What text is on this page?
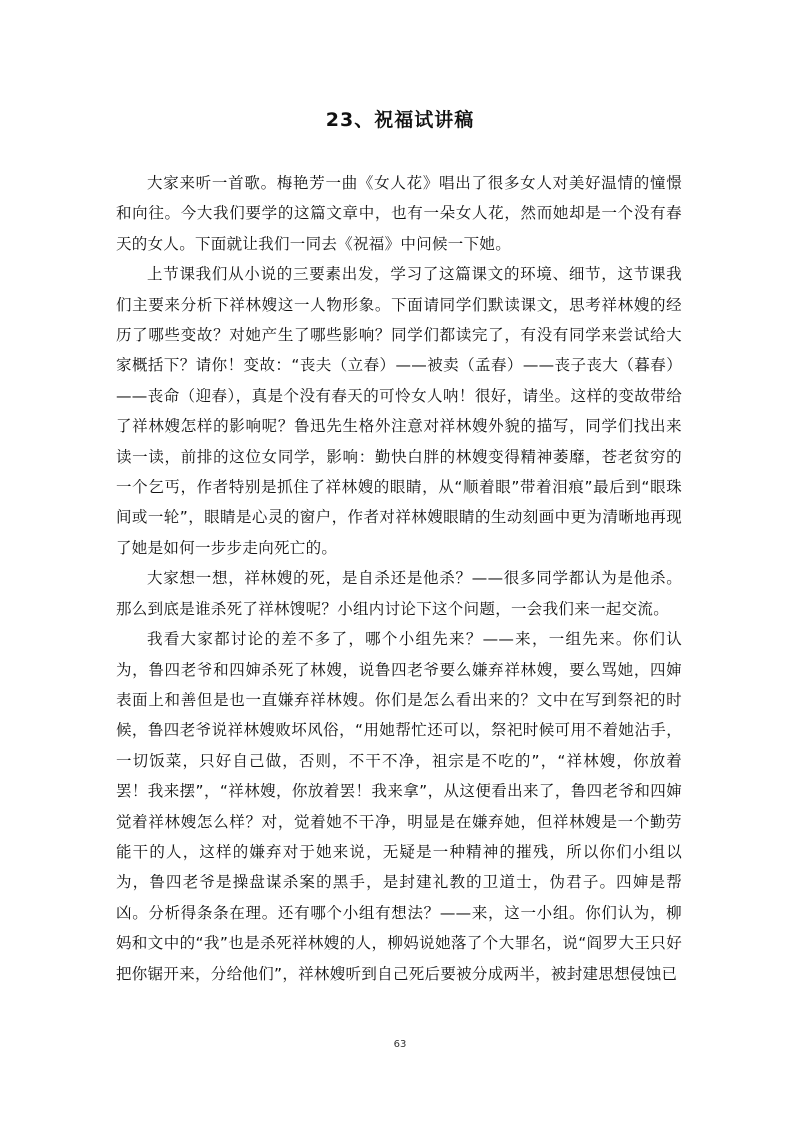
23、祝福试讲稿

大家来听一首歌。梅艳芳一曲《女人花》唱出了很多女人对美好温情的憧憬和向往。今大我们要学的这篇文章中，也有一朵女人花，然而她却是一个没有春天的女人。下面就让我们一同去《祝福》中问候一下她。

上节课我们从小说的三要素出发，学习了这篇课文的环境、细节，这节课我们主要来分析下祥林嫂这一人物形象。下面请同学们默读课文，思考祥林嫂的经历了哪些变故？对她产生了哪些影响？同学们都读完了，有没有同学来尝试给大家概括下？请你！变故：“丧夫（立春）——被卖（孟春）——丧子丧大（暮春）——丧命（迎春），真是个没有春天的可怜女人呐！很好，请坐。这样的变故带给了祥林嫂怎样的影响呢？鲁迅先生格外注意对祥林嫂外貌的描写，同学们找出来读一读，前排的这位女同学，影响：勤快白胖的林嫂变得精神萎靡，苍老贫穷的一个乞丐，作者特别是抓住了祥林嫂的眼睛，从“顺着眼”带着泪痕”最后到“眼珠间或一轮”，眼睛是心灵的窗户，作者对祥林嫂眼睛的生动刻画中更为清晰地再现了她是如何一步步走向死亡的。

大家想一想，祥林嫂的死，是自杀还是他杀？——很多同学都认为是他杀。那么到底是谁杀死了祥林馊呢？小组内讨论下这个问题，一会我们来一起交流。

我看大家都讨论的差不多了，哪个小组先来？——来，一组先来。你们认为，鲁四老爷和四婶杀死了林嫂，说鲁四老爷要么嫌弃祥林嫂，要么骂她，四婶表面上和善但是也一直嫌弃祥林嫂。你们是怎么看出来的？文中在写到祭祀的时候，鲁四老爷说祥林嫂败坏风俗，“用她帮忙还可以，祭祀时候可用不着她沾手，一切饭菜，只好自己做，否则，不干不净，祖宗是不吃的”，“祥林嫂，你放着罢！我来摆”，“祥林嫂，你放着罢！我来拿”，从这便看出来了，鲁四老爷和四婶觉着祥林嫂怎么样？对，觉着她不干净，明显是在嫌弃她，但祥林嫂是一个勤劳能干的人，这样的嫌弃对于她来说，无疑是一种精神的摧残，所以你们小组以为，鲁四老爷是操盘谋杀案的黑手，是封建礼教的卫道士，伪君子。四婶是帮凶。分析得条条在理。还有哪个小组有想法？——来，这一小组。你们认为，柳妈和文中的“我”也是杀死祥林嫂的人，柳妈说她落了个大罪名，说“阎罗大王只好把你锯开来，分给他们”，祥林嫂听到自己死后要被分成两半，被封建思想侵蚀已

63
